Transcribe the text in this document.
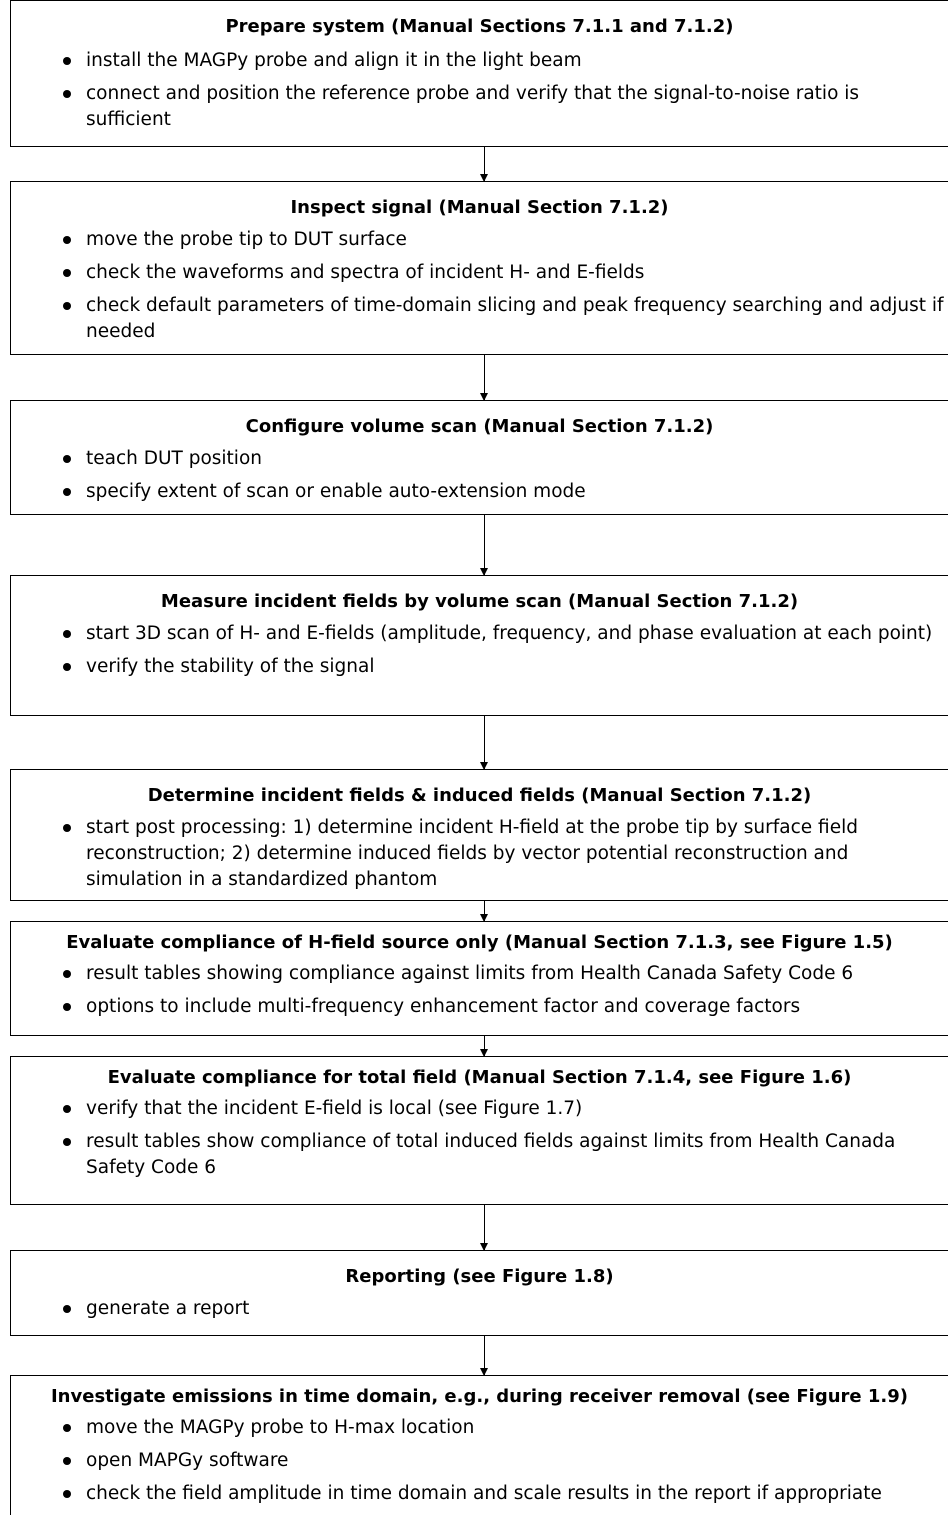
Prepare system (Manual Sections 7.1.1 and 7.1.2)
install the MAGPy probe and align it in the light beam
connect and position the reference probe and verify that the signal-to-noise ratio is sufficient
Inspect signal (Manual Section 7.1.2)
move the probe tip to DUT surface
check the waveforms and spectra of incident H- and E-fields
check default parameters of time-domain slicing and peak frequency searching and adjust if needed
Configure volume scan (Manual Section 7.1.2)
teach DUT position
specify extent of scan or enable auto-extension mode
Measure incident fields by volume scan (Manual Section 7.1.2)
start 3D scan of H- and E-fields (amplitude, frequency, and phase evaluation at each point)
verify the stability of the signal
Determine incident fields & induced fields (Manual Section 7.1.2)
start post processing: 1) determine incident H-field at the probe tip by surface field reconstruction; 2) determine induced fields by vector potential reconstruction and simulation in a standardized phantom
Evaluate compliance of H-field source only (Manual Section 7.1.3, see Figure 1.5)
result tables showing compliance against limits from Health Canada Safety Code 6
options to include multi-frequency enhancement factor and coverage factors
Evaluate compliance for total field (Manual Section 7.1.4, see Figure 1.6)
verify that the incident E-field is local (see Figure 1.7)
result tables show compliance of total induced fields against limits from Health Canada Safety Code 6
Reporting (see Figure 1.8)
generate a report
Investigate emissions in time domain, e.g., during receiver removal (see Figure 1.9)
move the MAGPy probe to H-max location
open MAPGy software
check the field amplitude in time domain and scale results in the report if appropriate
